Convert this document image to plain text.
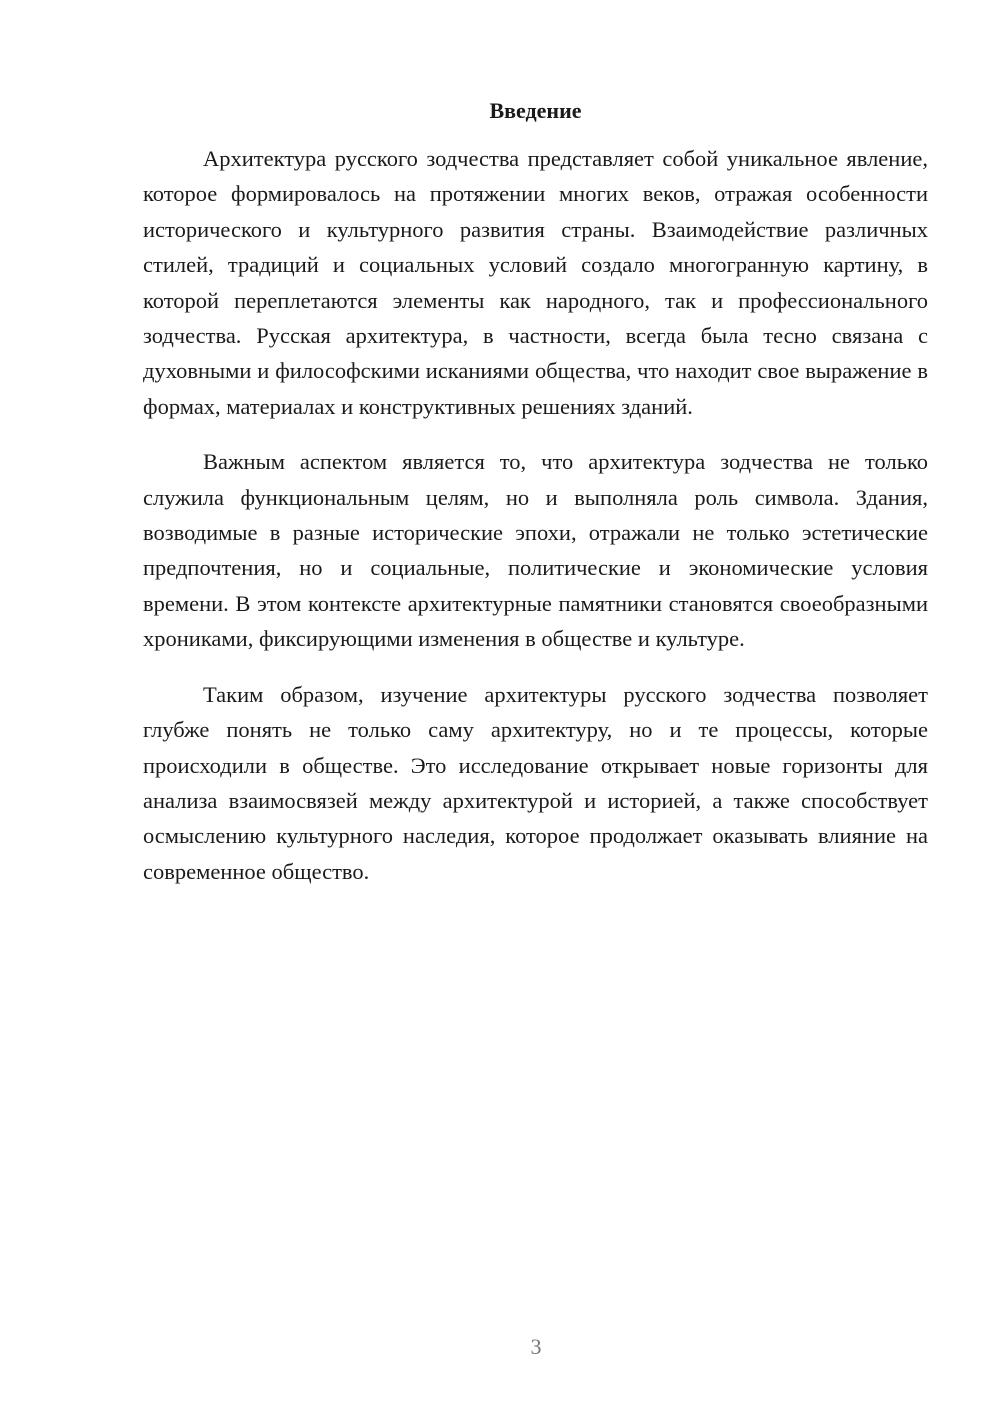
Введение

Архитектура русского зодчества представляет собой уникальное явление, которое формировалось на протяжении многих веков, отражая особенности исторического и культурного развития страны. Взаимодействие различных стилей, традиций и социальных условий создало многогранную картину, в которой переплетаются элементы как народного, так и профессионального зодчества. Русская архитектура, в частности, всегда была тесно связана с духовными и философскими исканиями общества, что находит свое выражение в формах, материалах и конструктивных решениях зданий.

Важным аспектом является то, что архитектура зодчества не только служила функциональным целям, но и выполняла роль символа. Здания, возводимые в разные исторические эпохи, отражали не только эстетические предпочтения, но и социальные, политические и экономические условия времени. В этом контексте архитектурные памятники становятся своеобразными хрониками, фиксирующими изменения в обществе и культуре.

Таким образом, изучение архитектуры русского зодчества позволяет глубже понять не только саму архитектуру, но и те процессы, которые происходили в обществе. Это исследование открывает новые горизонты для анализа взаимосвязей между архитектурой и историей, а также способствует осмыслению культурного наследия, которое продолжает оказывать влияние на современное общество.

3
